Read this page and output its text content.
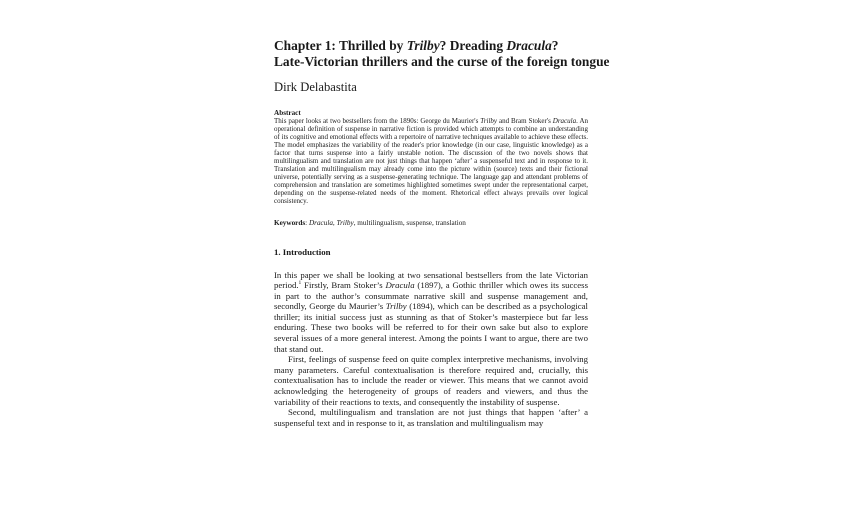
Chapter 1: Thrilled by Trilby? Dreading Dracula?
Late-Victorian thrillers and the curse of the foreign tongue
Dirk Delabastita
Abstract

This paper looks at two bestsellers from the 1890s: George du Maurier's Trilby and Bram Stoker's Dracula. An operational definition of suspense in narrative fiction is provided which attempts to combine an understanding of its cognitive and emotional effects with a repertoire of narrative techniques available to achieve these effects. The model emphasizes the variability of the reader's prior knowledge (in our case, linguistic knowledge) as a factor that turns suspense into a fairly unstable notion. The discussion of the two novels shows that multilingualism and translation are not just things that happen ‘after’ a suspenseful text and in response to it. Translation and multilingualism may already come into the picture within (source) texts and their fictional universe, potentially serving as a suspense-generating technique. The language gap and attendant problems of comprehension and translation are sometimes highlighted sometimes swept under the representational carpet, depending on the suspense-related needs of the moment. Rhetorical effect always prevails over logical consistency.

Keywords: Dracula, Trilby, multilingualism, suspense, translation
1. Introduction

In this paper we shall be looking at two sensational bestsellers from the late Victorian period.$^1$ Firstly, Bram Stoker’s Dracula (1897), a Gothic thriller which owes its success in part to the author’s consummate narrative skill and suspense management and, secondly, George du Maurier’s Trilby (1894), which can be described as a psychological thriller; its initial success just as stunning as that of Stoker’s masterpiece but far less enduring. These two books will be referred to for their own sake but also to explore several issues of a more general interest. Among the points I want to argue, there are two that stand out.

First, feelings of suspense feed on quite complex interpretive mechanisms, involving many parameters. Careful contextualisation is therefore required and, crucially, this contextualisation has to include the reader or viewer. This means that we cannot avoid acknowledging the heterogeneity of groups of readers and viewers, and thus the variability of their reactions to texts, and consequently the instability of suspense.

Second, multilingualism and translation are not just things that happen ‘after’ a suspenseful text and in response to it, as translation and multilingualism may
